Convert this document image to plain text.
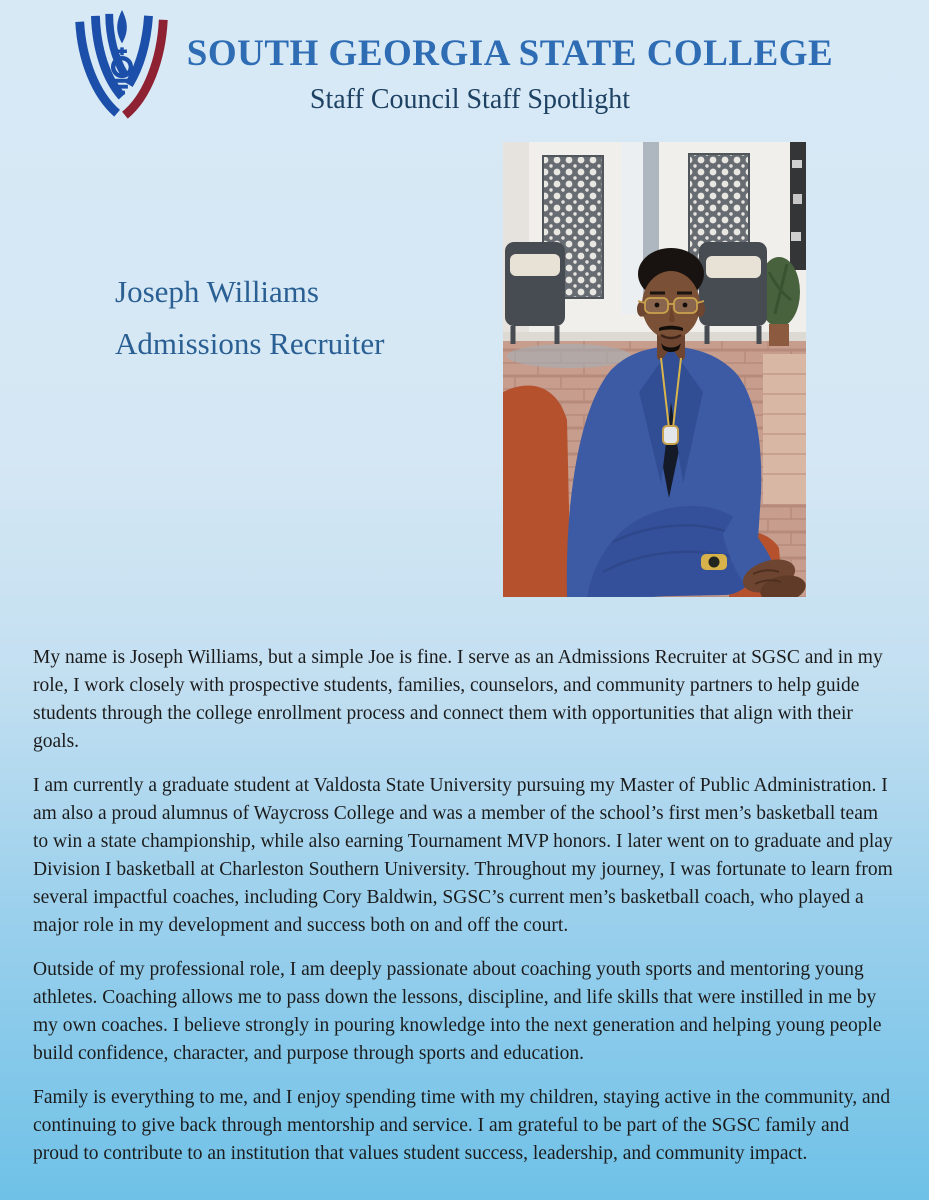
SOUTH GEORGIA STATE COLLEGE
Staff Council Staff Spotlight
Joseph Williams
Admissions Recruiter

My name is Joseph Williams, but a simple Joe is fine. I serve as an Admissions Recruiter at SGSC and in my role, I work closely with prospective students, families, counselors, and community partners to help guide students through the college enrollment process and connect them with opportunities that align with their goals.

I am currently a graduate student at Valdosta State University pursuing my Master of Public Administration. I am also a proud alumnus of Waycross College and was a member of the school’s first men’s basketball team to win a state championship, while also earning Tournament MVP honors. I later went on to graduate and play Division I basketball at Charleston Southern University. Throughout my journey, I was fortunate to learn from several impactful coaches, including Cory Baldwin, SGSC’s current men’s basketball coach, who played a major role in my development and success both on and off the court.

Outside of my professional role, I am deeply passionate about coaching youth sports and mentoring young athletes. Coaching allows me to pass down the lessons, discipline, and life skills that were instilled in me by my own coaches. I believe strongly in pouring knowledge into the next generation and helping young people build confidence, character, and purpose through sports and education.

Family is everything to me, and I enjoy spending time with my children, staying active in the community, and continuing to give back through mentorship and service. I am grateful to be part of the SGSC family and proud to contribute to an institution that values student success, leadership, and community impact.
